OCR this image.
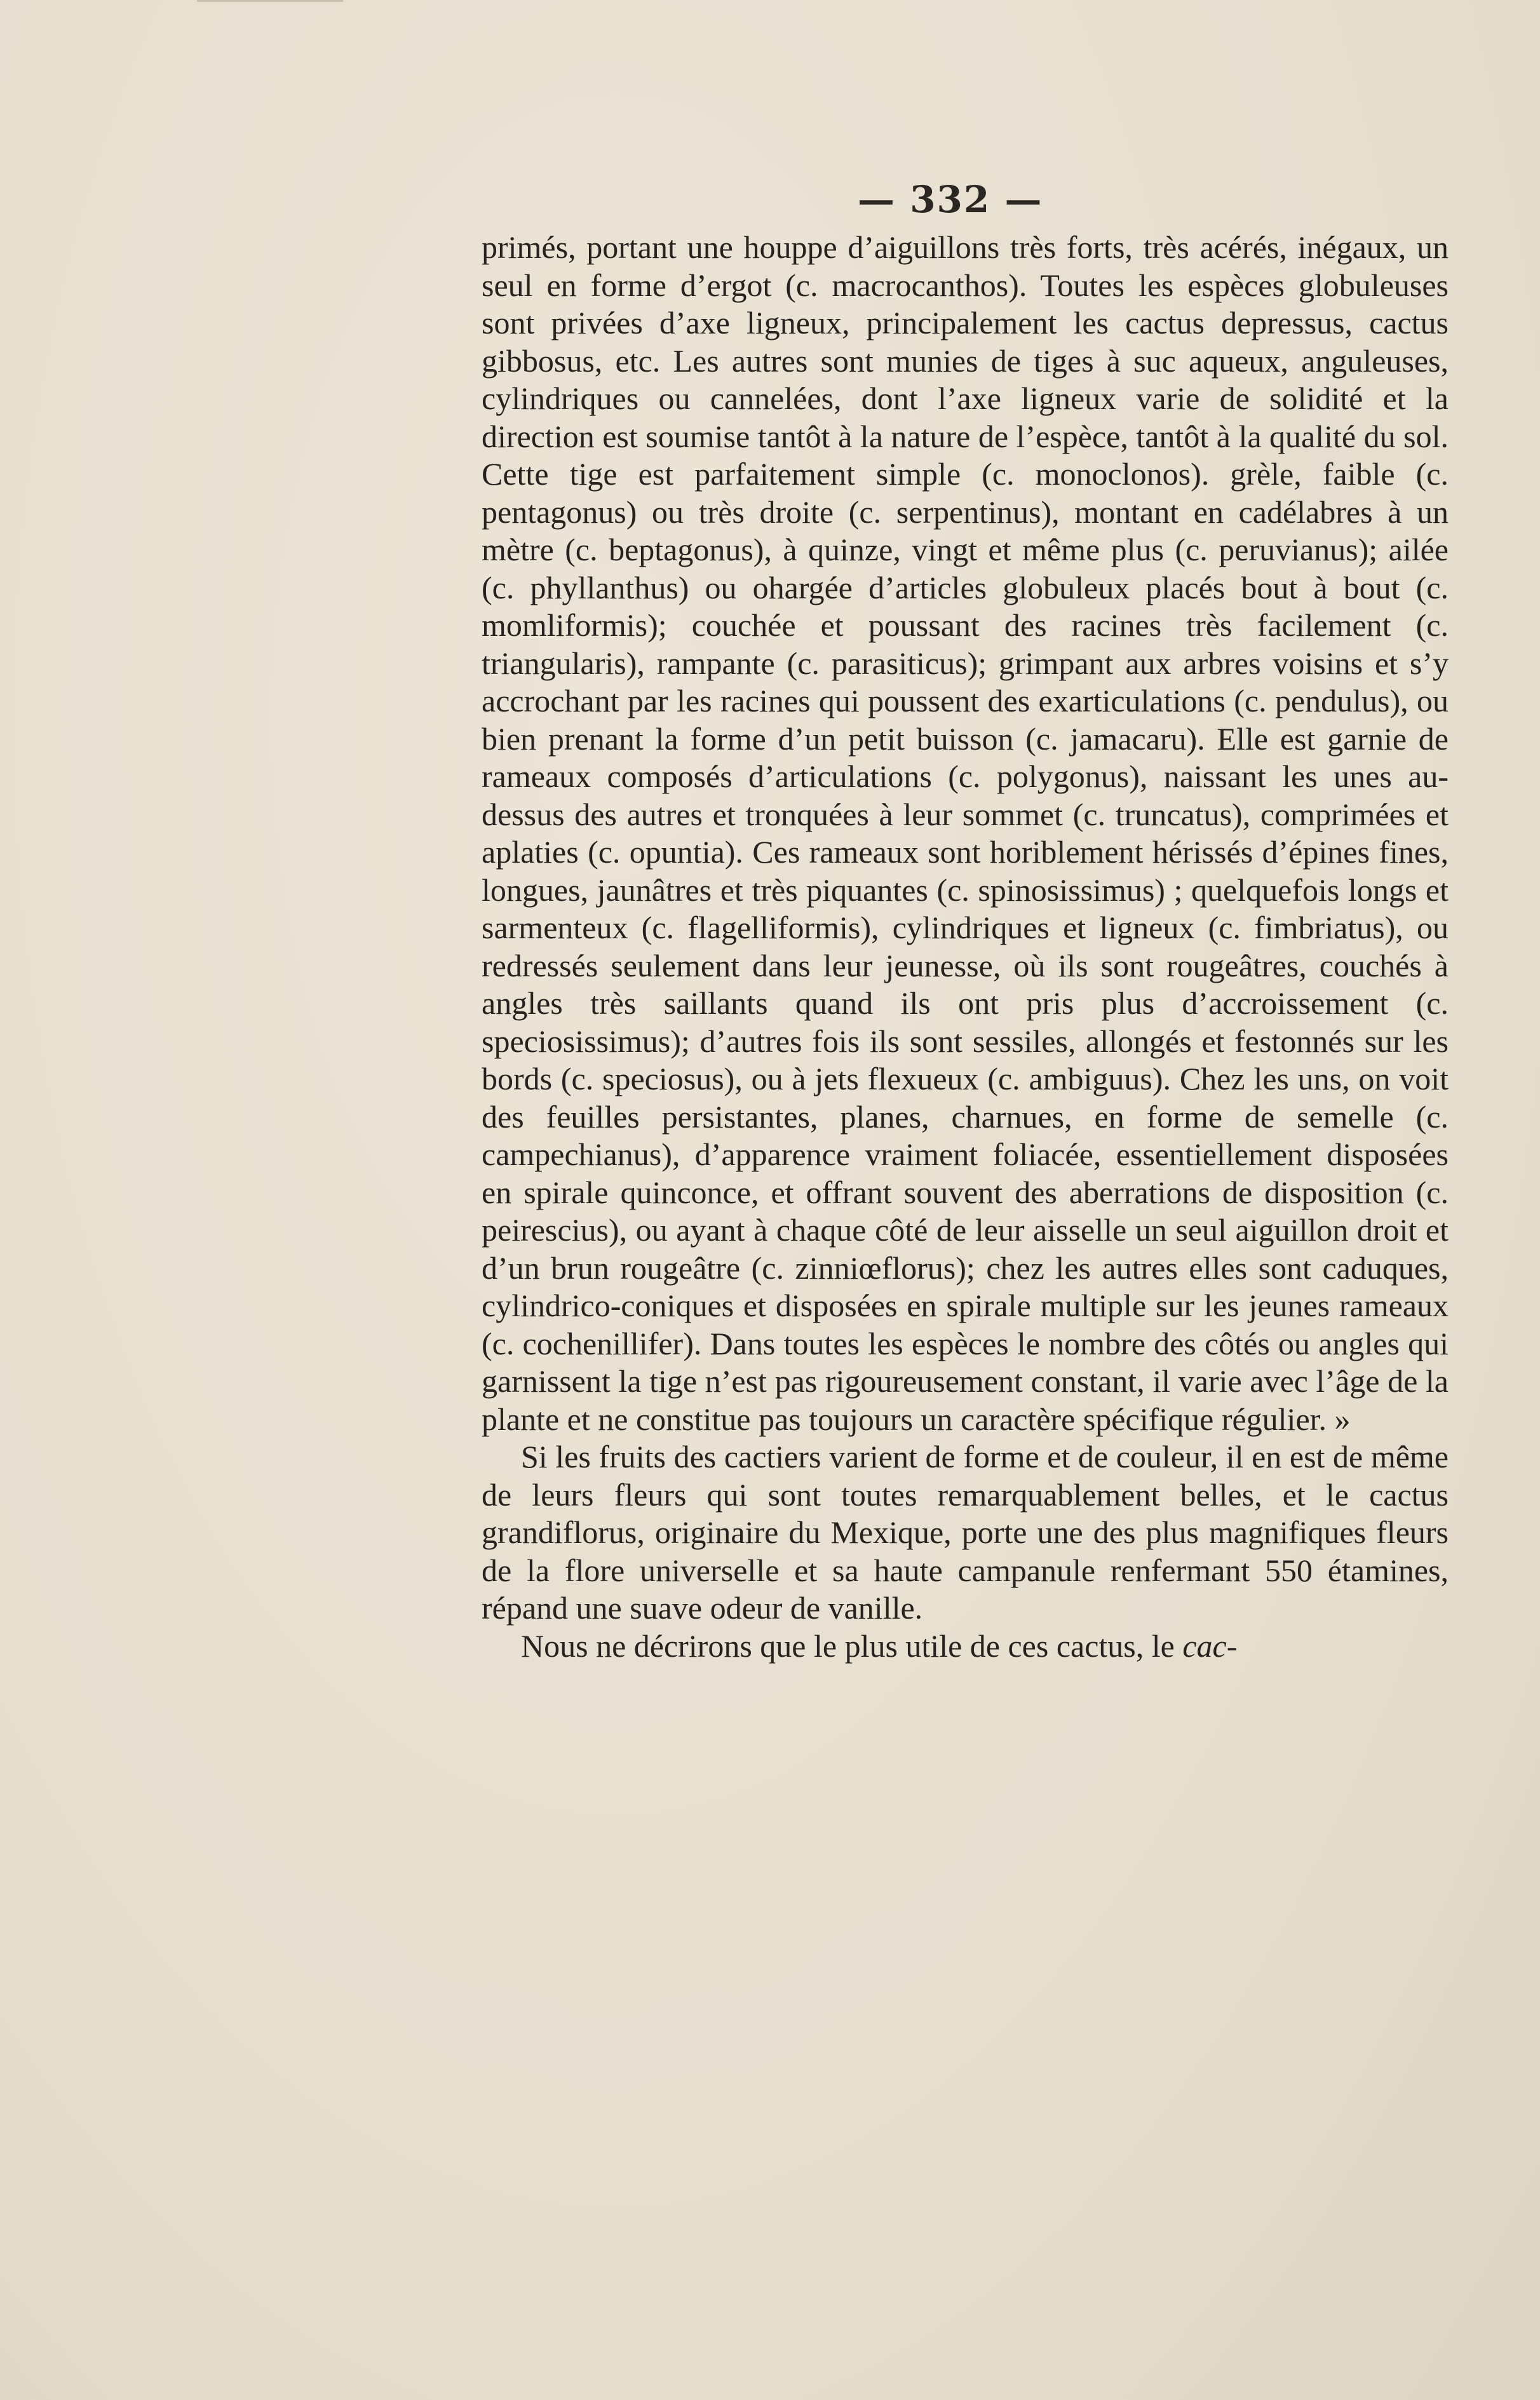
— 332 —

primés, portant une houppe d’aiguillons très forts, très acérés, inégaux, un seul en forme d’ergot (c. macrocanthos). Toutes les espèces globuleuses sont privées d’axe ligneux, principalement les cactus depressus, cactus gibbosus, etc. Les autres sont munies de tiges à suc aqueux, anguleuses, cylindriques ou cannelées, dont l’axe ligneux varie de solidité et la direction est soumise tantôt à la nature de l’espèce, tantôt à la qualité du sol. Cette tige est parfaitement simple (c. monoclonos). grèle, faible (c. pentagonus) ou très droite (c. serpentinus), montant en cadélabres à un mètre (c. beptagonus), à quinze, vingt et même plus (c. peruvianus); ailée (c. phyllanthus) ou ohargée d’articles globuleux placés bout à bout (c. momliformis); couchée et poussant des racines très facilement (c. triangularis), rampante (c. parasiticus); grimpant aux arbres voisins et s’y accrochant par les racines qui poussent des exarticulations (c. pendulus), ou bien prenant la forme d’un petit buisson (c. jamacaru). Elle est garnie de rameaux composés d’articulations (c. polygonus), naissant les unes au-dessus des autres et tronquées à leur sommet (c. truncatus), comprimées et aplaties (c. opuntia). Ces rameaux sont horiblement hérissés d’épines fines, longues, jaunâtres et très piquantes (c. spinosissimus) ; quelquefois longs et sarmenteux (c. flagelliformis), cylindriques et ligneux (c. fimbriatus), ou redressés seulement dans leur jeunesse, où ils sont rougeâtres, couchés à angles très saillants quand ils ont pris plus d’accroissement (c. speciosissimus); d’autres fois ils sont sessiles, allongés et festonnés sur les bords (c. speciosus), ou à jets flexueux (c. ambiguus). Chez les uns, on voit des feuilles persistantes, planes, charnues, en forme de semelle (c. campechianus), d’apparence vraiment foliacée, essentiellement disposées en spirale quinconce, et offrant souvent des aberrations de disposition (c. peirescius), ou ayant à chaque côté de leur aisselle un seul aiguillon droit et d’un brun rougeâtre (c. zinniœflorus); chez les autres elles sont caduques, cylindrico-coniques et disposées en spirale multiple sur les jeunes rameaux (c. cochenillifer). Dans toutes les espèces le nombre des côtés ou angles qui garnissent la tige n’est pas rigoureusement constant, il varie avec l’âge de la plante et ne constitue pas toujours un caractère spécifique régulier. »

Si les fruits des cactiers varient de forme et de couleur, il en est de même de leurs fleurs qui sont toutes remarquablement belles, et le cactus grandiflorus, originaire du Mexique, porte une des plus magnifiques fleurs de la flore universelle et sa haute campanule renfermant 550 étamines, répand une suave odeur de vanille.

Nous ne décrirons que le plus utile de ces cactus, le cac-
